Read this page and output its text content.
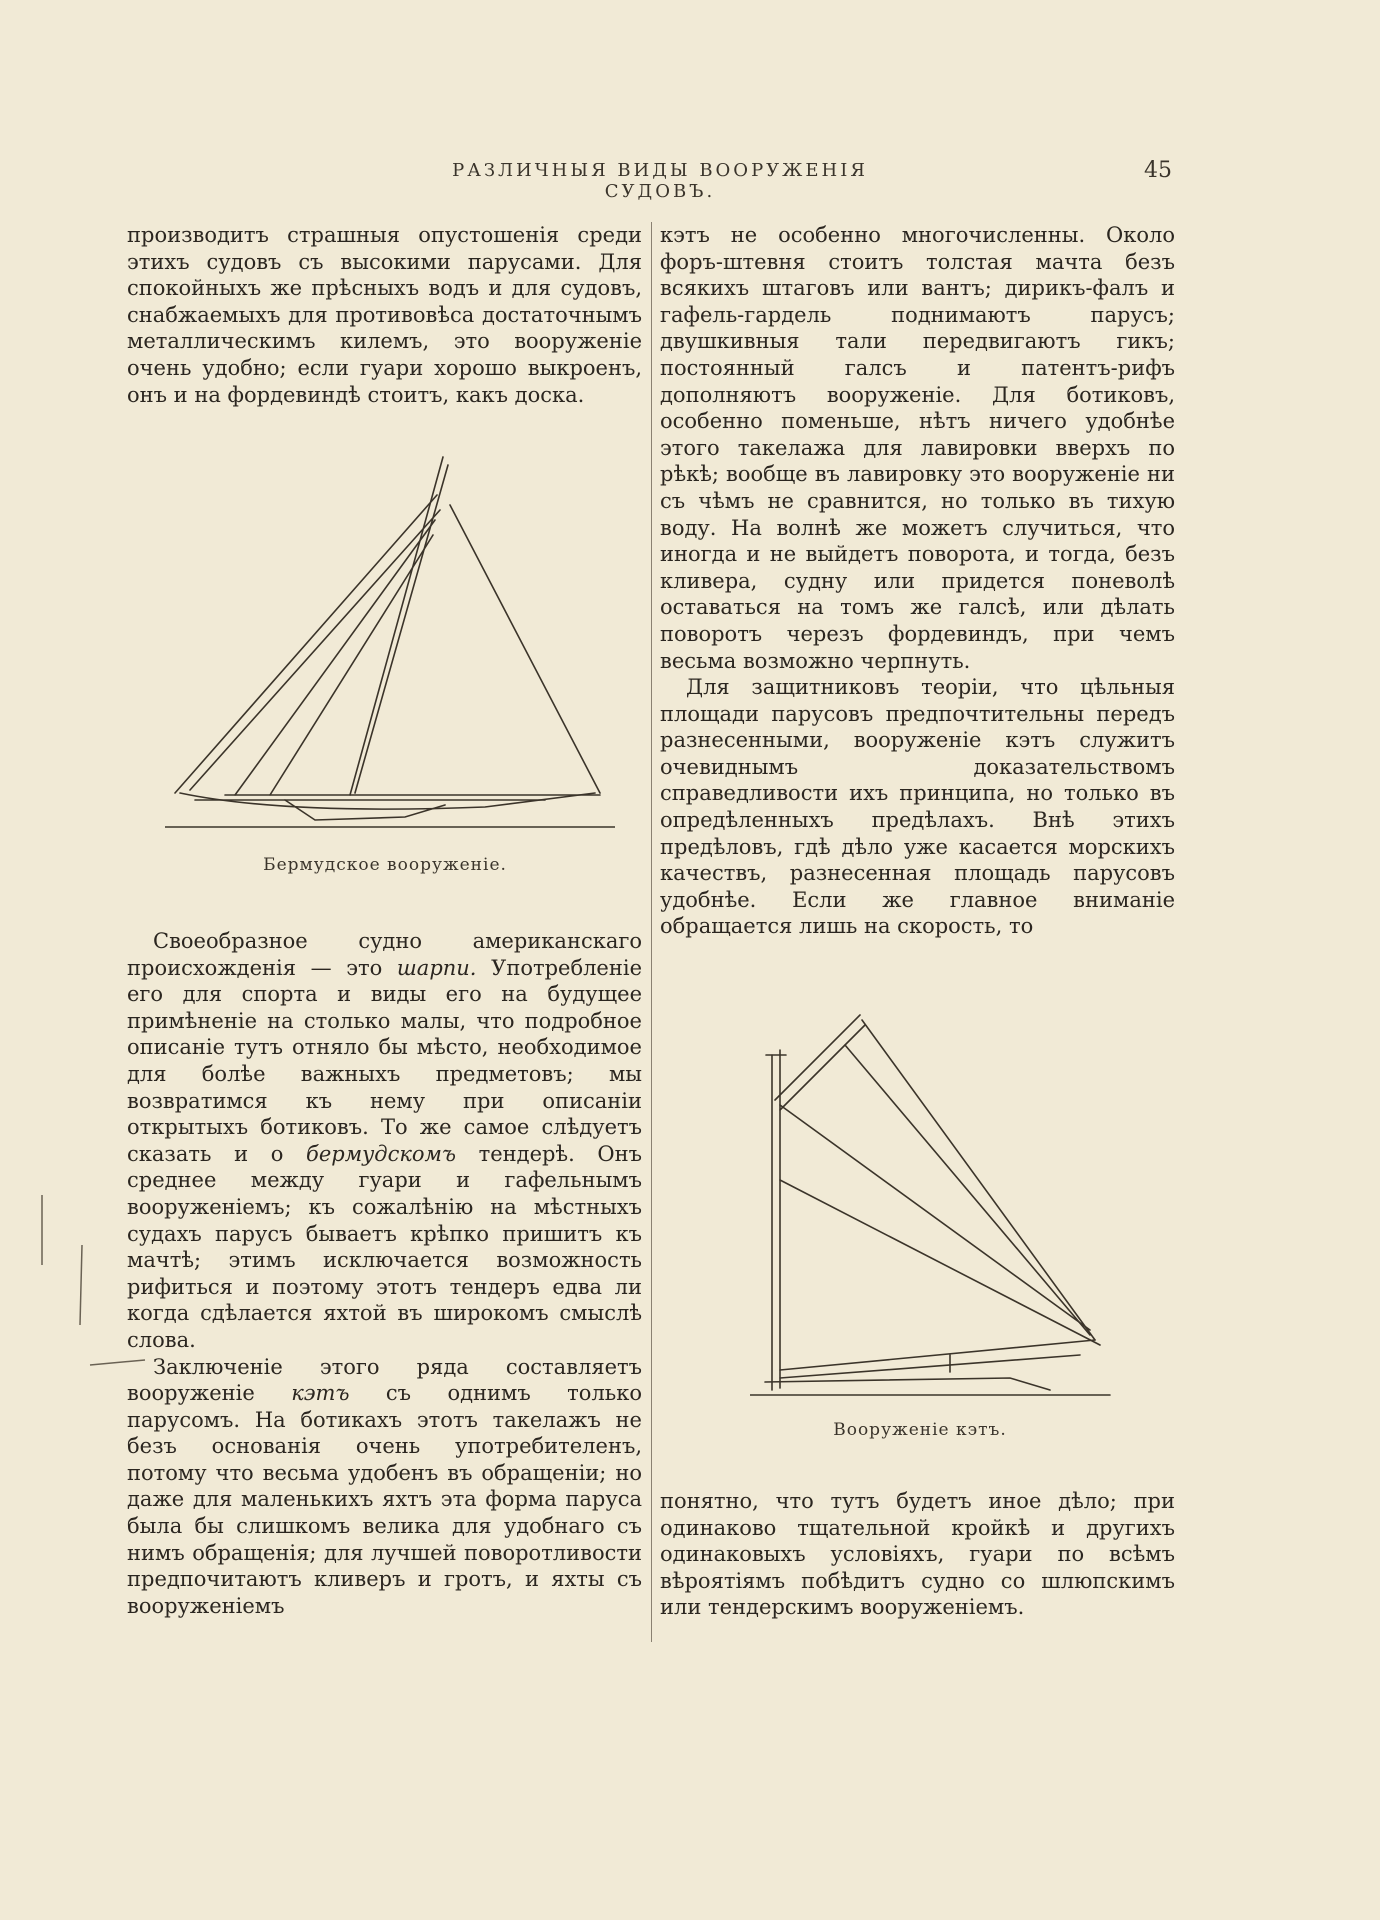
РАЗЛИЧНЫЯ ВИДЫ ВООРУЖЕНІЯ СУДОВЪ.
45

производитъ страшныя опустошенія среди этихъ судовъ съ высокими парусами. Для спокойныхъ же прѣсныхъ водъ и для судовъ, снабжаемыхъ для противовѣса достаточнымъ металлическимъ килемъ, это вооруженіе очень удобно; если гуари хорошо выкроенъ, онъ и на фордевиндѣ стоитъ, какъ доска.

Бермудское вооруженіе.

Своеобразное судно американскаго происхожденія — это шарпи. Употребленіе его для спорта и виды его на будущее примѣненіе на столько малы, что подробное описаніе тутъ отняло бы мѣсто, необходимое для болѣе важныхъ предметовъ; мы возвратимся къ нему при описаніи открытыхъ ботиковъ. То же самое слѣдуетъ сказать и о бермудскомъ тендерѣ. Онъ среднее между гуари и гафельнымъ вооруженіемъ; къ сожалѣнію на мѣстныхъ судахъ парусъ бываетъ крѣпко пришитъ къ мачтѣ; этимъ исключается возможность рифиться и поэтому этотъ тендеръ едва ли когда сдѣлается яхтой въ широкомъ смыслѣ слова.

Заключеніе этого ряда составляетъ вооруженіе кэтъ съ однимъ только парусомъ. На ботикахъ этотъ такелажъ не безъ основанія очень употребителенъ, потому что весьма удобенъ въ обращеніи; но даже для маленькихъ яхтъ эта форма паруса была бы слишкомъ велика для удобнаго съ нимъ обращенія; для лучшей поворотливости предпочитаютъ кливеръ и гротъ, и яхты съ вооруженіемъ

кэтъ не особенно многочисленны. Около форъ-штевня стоитъ толстая мачта безъ всякихъ штаговъ или вантъ; дирикъ-фалъ и гафель-гардель поднимаютъ парусъ; двушкивныя тали передвигаютъ гикъ; постоянный галсъ и патентъ-рифъ дополняютъ вооруженіе. Для ботиковъ, особенно поменьше, нѣтъ ничего удобнѣе этого такелажа для лавировки вверхъ по рѣкѣ; вообще въ лавировку это вооруженіе ни съ чѣмъ не сравнится, но только въ тихую воду. На волнѣ же можетъ случиться, что иногда и не выйдетъ поворота, и тогда, безъ кливера, судну или придется поневолѣ оставаться на томъ же галсѣ, или дѣлать поворотъ черезъ фордевиндъ, при чемъ весьма возможно черпнуть.

Для защитниковъ теоріи, что цѣльныя площади парусовъ предпочтительны передъ разнесенными, вооруженіе кэтъ служитъ очевиднымъ доказательствомъ справедливости ихъ принципа, но только въ опредѣленныхъ предѣлахъ. Внѣ этихъ предѣловъ, гдѣ дѣло уже касается морскихъ качествъ, разнесенная площадь парусовъ удобнѣе. Если же главное вниманіе обращается лишь на скорость, то

Вооруженіе кэтъ.

понятно, что тутъ будетъ иное дѣло; при одинаково тщательной кройкѣ и другихъ одинаковыхъ условіяхъ, гуари по всѣмъ вѣроятіямъ побѣдитъ судно со шлюпскимъ или тендерскимъ вооруженіемъ.
